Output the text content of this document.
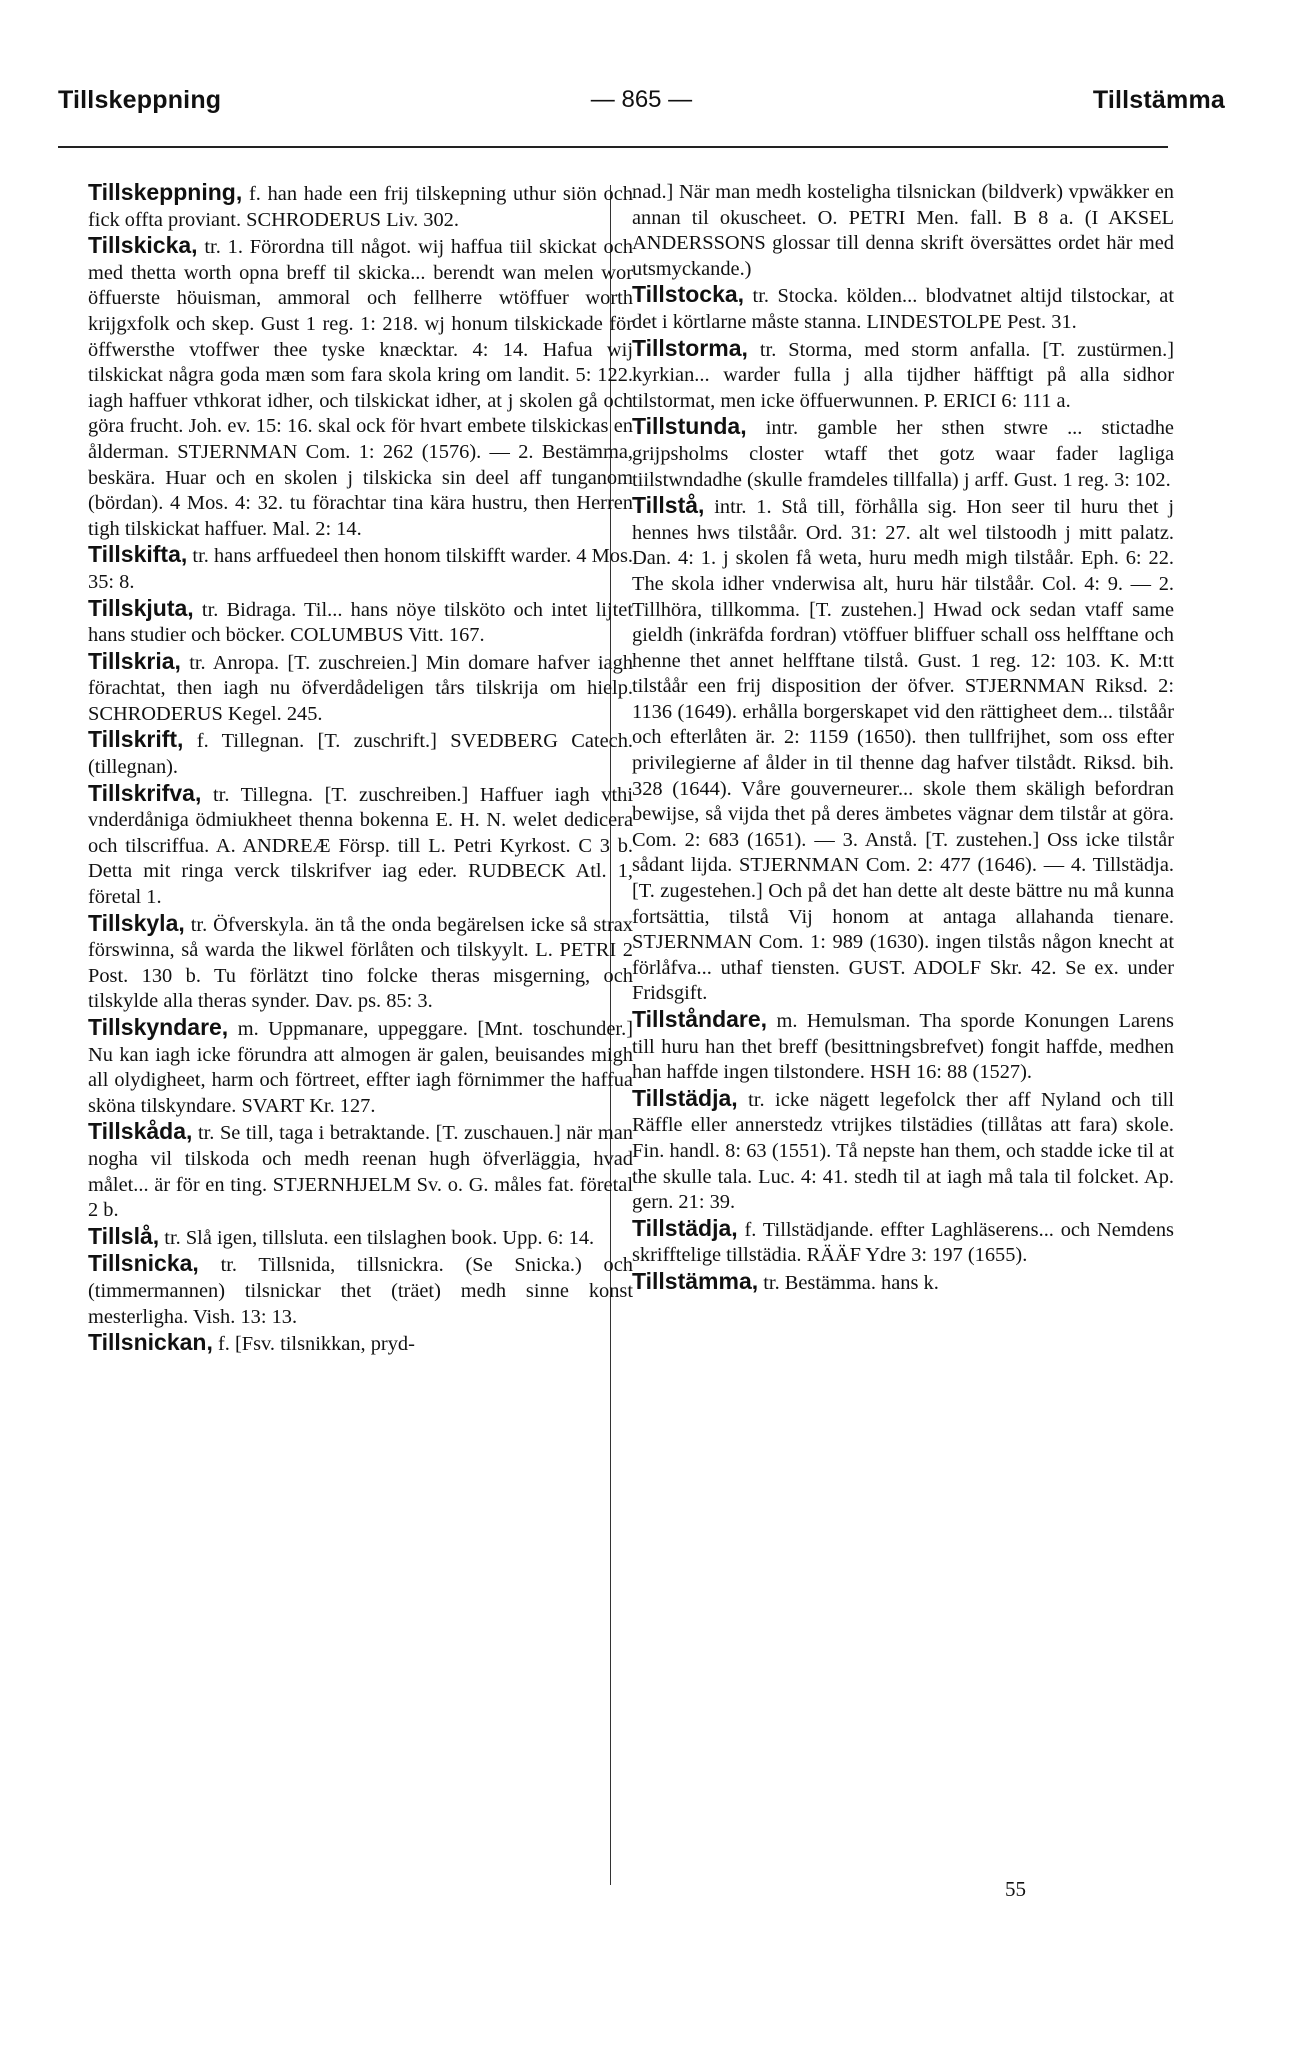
Tillskeppning	— 865 —	Tillstämma

Tillskeppning, f. han hade een frij tilskepning uthur siön och fick offta proviant. SCHRODERUS Liv. 302.

Tillskicka, tr. 1. Förordna till något. wij haffua tiil skickat och med thetta worth opna breff til skicka... berendt wan melen wor öffuerste höuisman, ammoral och fellherre wtöffuer worth krijgxfolk och skep. Gust 1 reg. 1: 218. wj honum tilskickade för öffwersthe vtoffwer thee tyske knæcktar. 4: 14. Hafua wij tilskickat några goda mæn som fara skola kring om landit. 5: 122. iagh haffuer vthkorat idher, och tilskickat idher, at j skolen gå och göra frucht. Joh. ev. 15: 16. skal ock för hvart embete tilskickas en ålderman. STJERNMAN Com. 1: 262 (1576). — 2. Bestämma, beskära. Huar och en skolen j tilskicka sin deel aff tunganom (bördan). 4 Mos. 4: 32. tu förachtar tina kära hustru, then Herren tigh tilskickat haffuer. Mal. 2: 14.

Tillskifta, tr. hans arffuedeel then honom tilskifft warder. 4 Mos. 35: 8.

Tillskjuta, tr. Bidraga. Til... hans nöye tilsköto och intet lijtet hans studier och böcker. COLUMBUS Vitt. 167.

Tillskria, tr. Anropa. [T. zuschreien.] Min domare hafver iagh förachtat, then iagh nu öfverdådeligen tårs tilskrija om hielp. SCHRODERUS Kegel. 245.

Tillskrift, f. Tillegnan. [T. zuschrift.] SVEDBERG Catech. (tillegnan).

Tillskrifva, tr. Tillegna. [T. zuschreiben.] Haffuer iagh vthi vnderdåniga ödmiukheet thenna bokenna E. H. N. welet dedicera och tilscriffua. A. ANDREÆ Försp. till L. Petri Kyrkost. C 3 b. Detta mit ringa verck tilskrifver iag eder. RUDBECK Atl. 1, företal 1.

Tillskyla, tr. Öfverskyla. än tå the onda begärelsen icke så strax förswinna, så warda the likwel förlåten och tilskyylt. L. PETRI 2 Post. 130 b. Tu förlätzt tino folcke theras misgerning, och tilskylde alla theras synder. Dav. ps. 85: 3.

Tillskyndare, m. Uppmanare, uppeggare. [Mnt. toschunder.] Nu kan iagh icke förundra att almogen är galen, beuisandes migh all olydigheet, harm och förtreet, effter iagh förnimmer the haffua sköna tilskyndare. SVART Kr. 127.

Tillskåda, tr. Se till, taga i betraktande. [T. zuschauen.] när man nogha vil tilskoda och medh reenan hugh öfverläggia, hvad målet... är för en ting. STJERNHJELM Sv. o. G. måles fat. företal 2 b.

Tillslå, tr. Slå igen, tillsluta. een tilslaghen book. Upp. 6: 14.

Tillsnicka, tr. Tillsnida, tillsnickra. (Se Snicka.) och (timmermannen) tilsnickar thet (träet) medh sinne konst mesterligha. Vish. 13: 13.

Tillsnickan, f. [Fsv. tilsnikkan, pryd-

nad.] När man medh kosteligha tilsnickan (bildverk) vpwäkker en annan til okuscheet. O. PETRI Men. fall. B 8 a. (I AKSEL ANDERSSONS glossar till denna skrift översättes ordet här med utsmyckande.)

Tillstocka, tr. Stocka. kölden... blodvatnet altijd tilstockar, at det i körtlarne måste stanna. LINDESTOLPE Pest. 31.

Tillstorma, tr. Storma, med storm anfalla. [T. zustürmen.] kyrkian... warder fulla j alla tijdher häfftigt på alla sidhor tilstormat, men icke öffuerwunnen. P. ERICI 6: 111 a.

Tillstunda, intr. gamble her sthen stwre ... stictadhe grijpsholms closter wtaff thet gotz waar fader lagliga tiilstwndadhe (skulle framdeles tillfalla) j arff. Gust. 1 reg. 3: 102.

Tillstå, intr. 1. Stå till, förhålla sig. Hon seer til huru thet j hennes hws tilståår. Ord. 31: 27. alt wel tilstoodh j mitt palatz. Dan. 4: 1. j skolen få weta, huru medh migh tilståår. Eph. 6: 22. The skola idher vnderwisa alt, huru här tilståår. Col. 4: 9. — 2. Tillhöra, tillkomma. [T. zustehen.] Hwad ock sedan vtaff same gieldh (inkräfda fordran) vtöffuer bliffuer schall oss helfftane och henne thet annet helfftane tilstå. Gust. 1 reg. 12: 103. K. M:tt tilståår een frij disposition der öfver. STJERNMAN Riksd. 2: 1136 (1649). erhålla borgerskapet vid den rättigheet dem... tilståår och efterlåten är. 2: 1159 (1650). then tullfrijhet, som oss efter privilegierne af ålder in til thenne dag hafver tilstådt. Riksd. bih. 328 (1644). Våre gouverneurer... skole them skäligh befordran bewijse, så vijda thet på deres ämbetes vägnar dem tilstår at göra. Com. 2: 683 (1651). — 3. Anstå. [T. zustehen.] Oss icke tilstår sådant lijda. STJERNMAN Com. 2: 477 (1646). — 4. Tillstädja. [T. zugestehen.] Och på det han dette alt deste bättre nu må kunna fortsättia, tilstå Vij honom at antaga allahanda tienare. STJERNMAN Com. 1: 989 (1630). ingen tilstås någon knecht at förlåfva... uthaf tiensten. GUST. ADOLF Skr. 42. Se ex. under Fridsgift.

Tillståndare, m. Hemulsman. Tha sporde Konungen Larens till huru han thet breff (besittningsbrefvet) fongit haffde, medhen han haffde ingen tilstondere. HSH 16: 88 (1527).

Tillstädja, tr. icke nägett legefolck ther aff Nyland och till Räffle eller annerstedz vtrijkes tilstädies (tillåtas att fara) skole. Fin. handl. 8: 63 (1551). Tå nepste han them, och stadde icke til at the skulle tala. Luc. 4: 41. stedh til at iagh må tala til folcket. Ap. gern. 21: 39.

Tillstädja, f. Tillstädjande. effter Laghläserens... och Nemdens skrifftelige tillstädia. RÄÄF Ydre 3: 197 (1655).

Tillstämma, tr. Bestämma. hans k.

55
